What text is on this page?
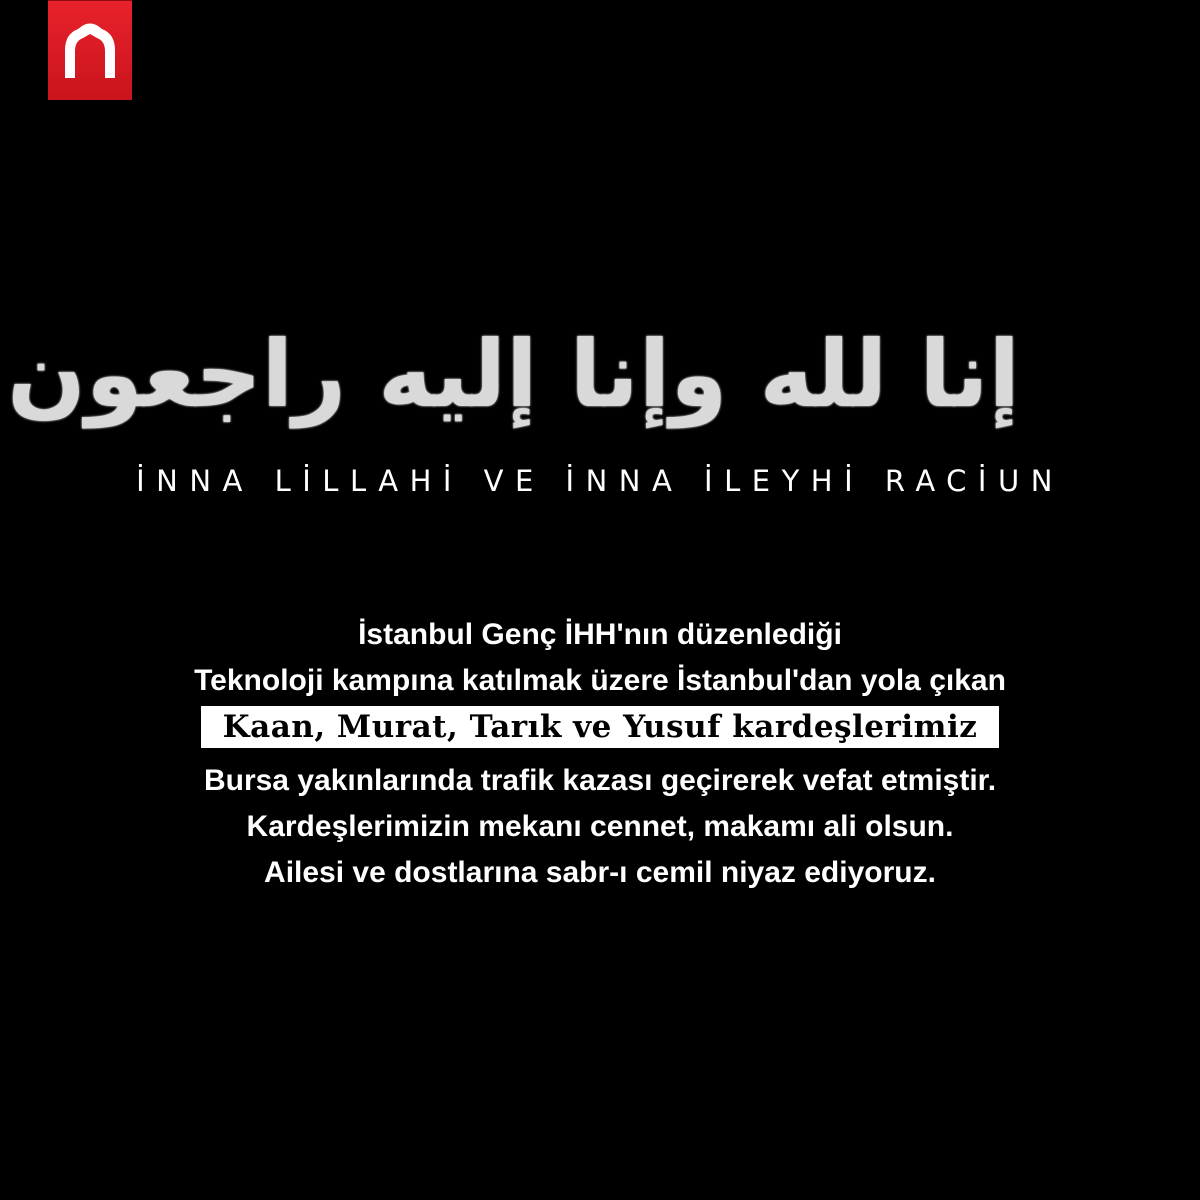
إنا لله وإنا إليه راجعون
İNNA LİLLAHİ VE İNNA İLEYHİ RACİUN
İstanbul Genç İHH'nın düzenlediği
Teknoloji kampına katılmak üzere İstanbul'dan yola çıkan
Kaan, Murat, Tarık ve Yusuf kardeşlerimiz
Bursa yakınlarında trafik kazası geçirerek vefat etmiştir.
Kardeşlerimizin mekanı cennet, makamı ali olsun.
Ailesi ve dostlarına sabr-ı cemil niyaz ediyoruz.
